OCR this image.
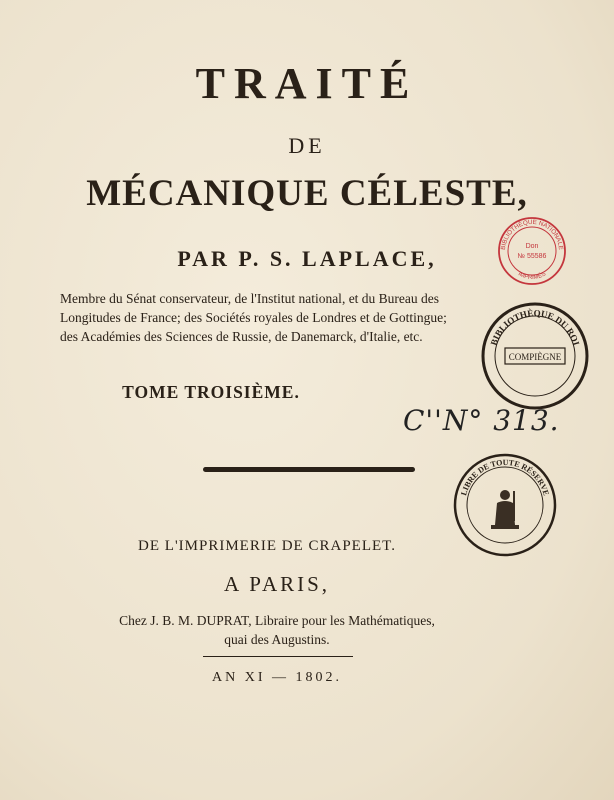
TRAITÉ
DE
MÉCANIQUE CÉLESTE,
PAR P. S. LAPLACE,
Membre du Sénat conservateur, de l'Institut national, et du Bureau des
Longitudes de France; des Sociétés royales de Londres et de Gottingue;
des Académies des Sciences de Russie, de Danemarck, d'Italie, etc.
TOME TROISIÈME.
C''N° 313.
DE L'IMPRIMERIE DE CRAPELET.
A PARIS,
Chez J. B. M. DUPRAT, Libraire pour les Mathématiques,
quai des Augustins.
AN XI — 1802.
BIBLIOTHÈQUE NATIONALE
Don
№ 55586
IMPRIMÉS
BIBLIOTHÈQUE DU ROI
COMPIÈGNE
LIBRE DE TOUTE RÉSERVE
